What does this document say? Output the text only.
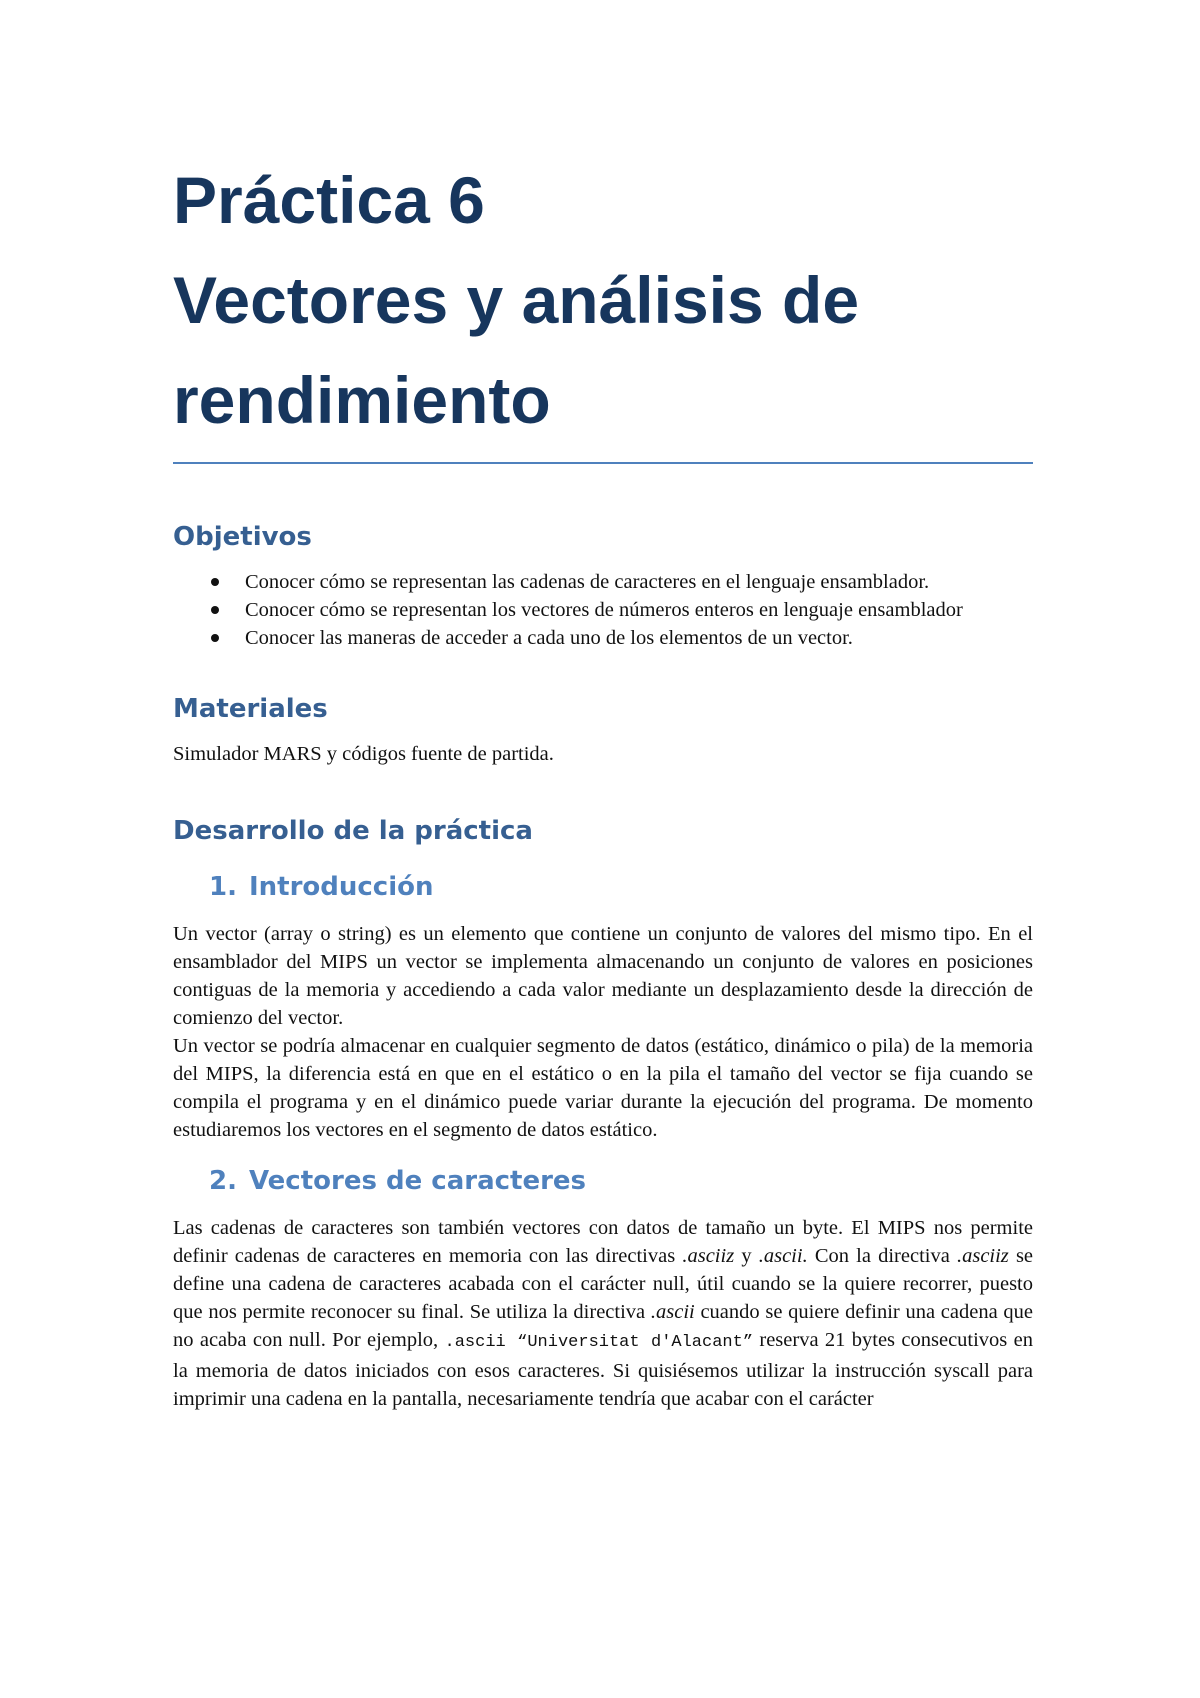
Práctica 6
Vectores y análisis de
rendimiento
Objetivos
Conocer cómo se representan las cadenas de caracteres en el lenguaje ensamblador.
Conocer cómo se representan los vectores de números enteros en lenguaje ensamblador
Conocer las maneras de acceder a cada uno de los elementos de un vector.
Materiales

Simulador MARS y códigos fuente de partida.

Desarrollo de la práctica
1. Introducción

Un vector (array o string) es un elemento que contiene un conjunto de valores del mismo tipo. En el ensamblador del MIPS un vector se implementa almacenando un conjunto de valores en posiciones contiguas de la memoria y accediendo a cada valor mediante un desplazamiento desde la dirección de comienzo del vector.

Un vector se podría almacenar en cualquier segmento de datos (estático, dinámico o pila) de la memoria del MIPS, la diferencia está en que en el estático o en la pila el tamaño del vector se fija cuando se compila el programa y en el dinámico puede variar durante la ejecución del programa. De momento estudiaremos los vectores en el segmento de datos estático.

2. Vectores de caracteres

Las cadenas de caracteres son también vectores con datos de tamaño un byte. El MIPS nos permite definir cadenas de caracteres en memoria con las directivas .asciiz y .ascii. Con la directiva .asciiz se define una cadena de caracteres acabada con el carácter null, útil cuando se la quiere recorrer, puesto que nos permite reconocer su final. Se utiliza la directiva .ascii cuando se quiere definir una cadena que no acaba con null. Por ejemplo, .ascii “Universitat d'Alacant” reserva 21 bytes consecutivos en la memoria de datos iniciados con esos caracteres. Si quisiésemos utilizar la instrucción syscall para imprimir una cadena en la pantalla, necesariamente tendría que acabar con el carácter
